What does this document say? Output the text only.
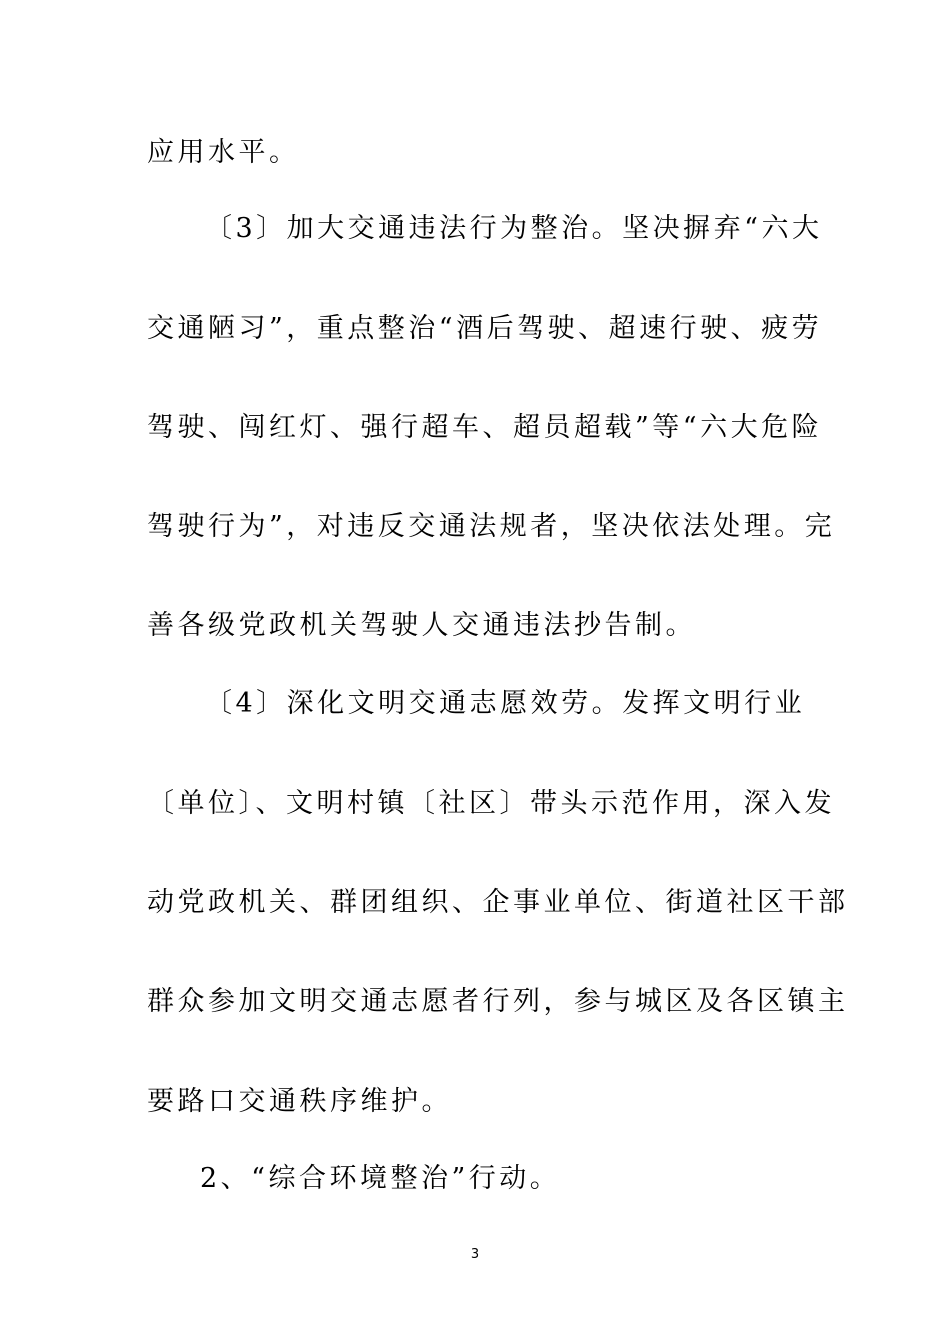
应用水平。
〔3〕加大交通违法行为整治。坚决摒弃“六大
交通陋习”，重点整治“酒后驾驶、超速行驶、疲劳
驾驶、闯红灯、强行超车、超员超载”等“六大危险
驾驶行为”，对违反交通法规者，坚决依法处理。完
善各级党政机关驾驶人交通违法抄告制。
〔4〕深化文明交通志愿效劳。发挥文明行业
〔单位〕、文明村镇〔社区〕带头示范作用，深入发
动党政机关、群团组织、企事业单位、街道社区干部
群众参加文明交通志愿者行列，参与城区及各区镇主
要路口交通秩序维护。
2、“综合环境整治”行动。
3
